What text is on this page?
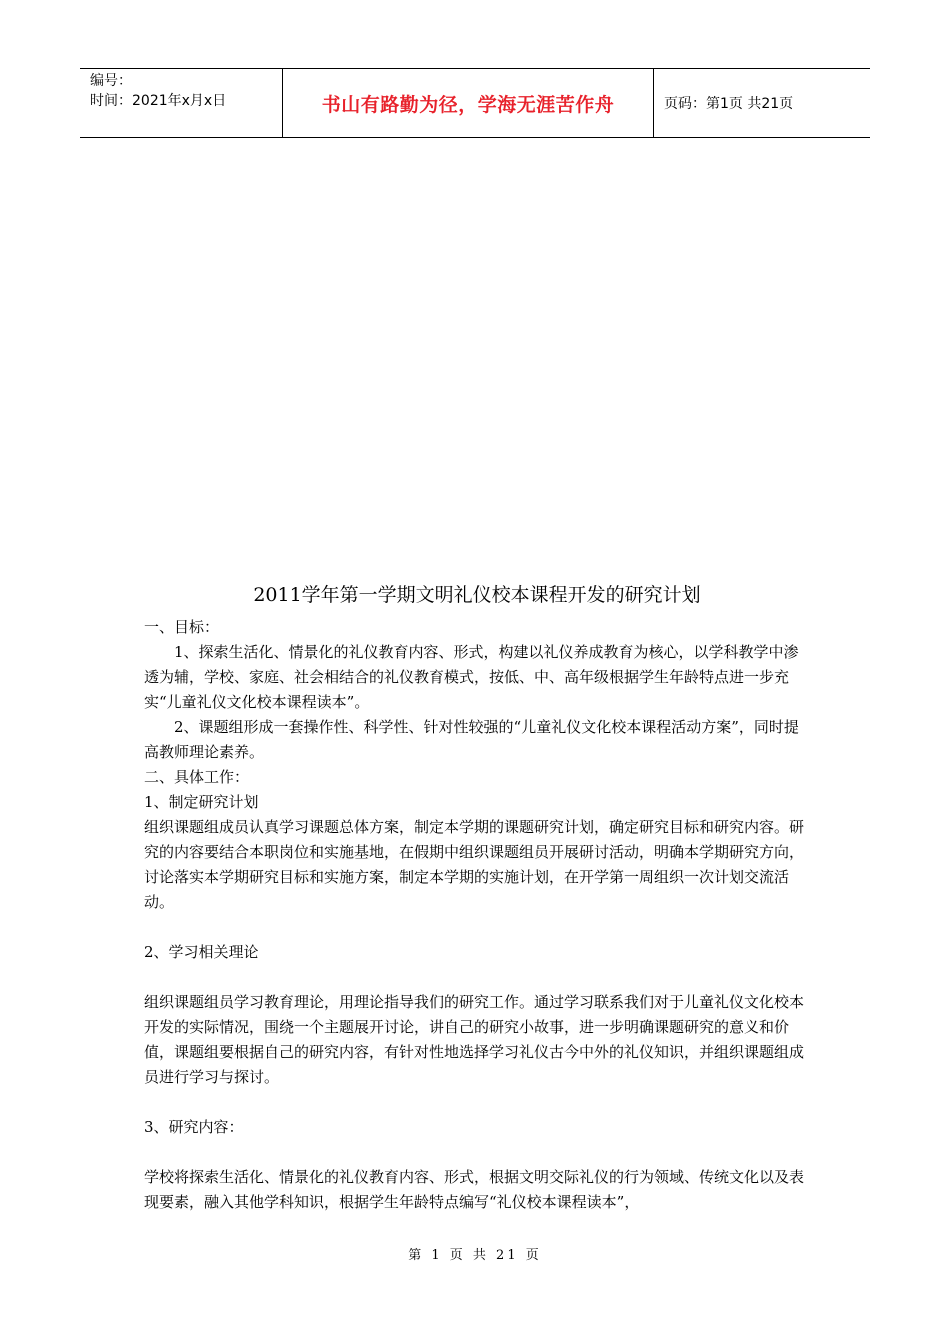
编号：
时间：2021年x月x日	书山有路勤为径，学海无涯苦作舟	页码：第1页 共21页
2011学年第一学期文明礼仪校本课程开发的研究计划

一、目标：

1、探索生活化、情景化的礼仪教育内容、形式，构建以礼仪养成教育为核心，以学科教学中渗透为辅，学校、家庭、社会相结合的礼仪教育模式，按低、中、高年级根据学生年龄特点进一步充实“儿童礼仪文化校本课程读本”。

2、课题组形成一套操作性、科学性、针对性较强的“儿童礼仪文化校本课程活动方案”，同时提高教师理论素养。

二、具体工作：

1、制定研究计划

组织课题组成员认真学习课题总体方案，制定本学期的课题研究计划，确定研究目标和研究内容。研究的内容要结合本职岗位和实施基地，在假期中组织课题组员开展研讨活动，明确本学期研究方向，讨论落实本学期研究目标和实施方案，制定本学期的实施计划，在开学第一周组织一次计划交流活动。

2、学习相关理论

组织课题组员学习教育理论，用理论指导我们的研究工作。通过学习联系我们对于儿童礼仪文化校本开发的实际情况，围绕一个主题展开讨论，讲自己的研究小故事，进一步明确课题研究的意义和价值，课题组要根据自己的研究内容，有针对性地选择学习礼仪古今中外的礼仪知识，并组织课题组成员进行学习与探讨。

3、研究内容：

学校将探索生活化、情景化的礼仪教育内容、形式，根据文明交际礼仪的行为领域、传统文化以及表现要素，融入其他学科知识，根据学生年龄特点编写“礼仪校本课程读本”，

第 1 页 共 21 页
